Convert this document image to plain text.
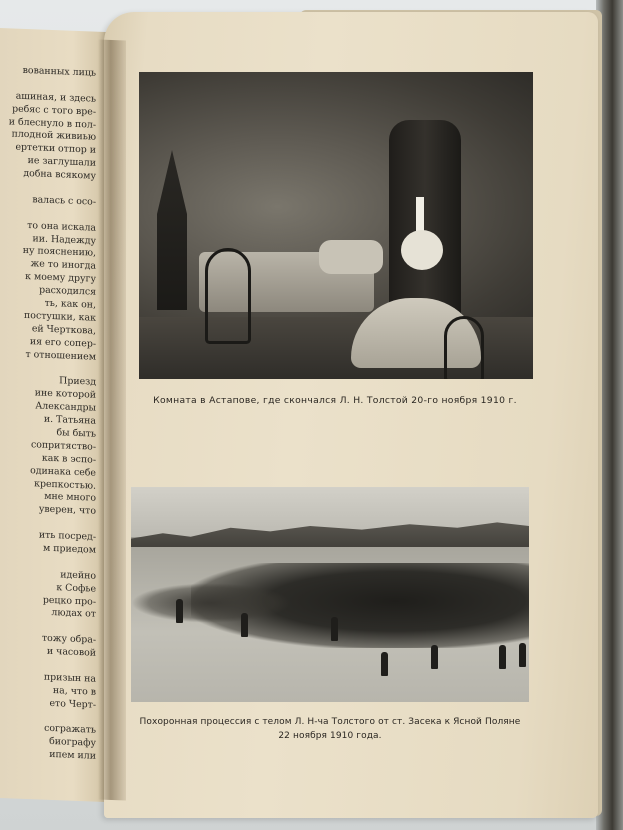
вованных лиць
ашиная, и здесь
ребяс с того вре-
и блеснуло в пол-
плодной живиью
ертетки отпор и
ие заглушали
добна всякому
валась с осо-
то она искала
ии. Надежду
ну пояснению,
же то иногда
к моему другу
расходился
ть, как он,
постушки, как
ей Черткова,
ия его сопер-
т отношением
Приезд
ине которой
Александры
и. Татьяна
бы быть
сопритяство-
как в эспо-
одинака себе
крепкостью.
мне много
уверен, что
ить посред-
м приедом
идейно
к Софье
рецко про-
людах от
тожу обра-
и часовой
призын на
на, что в
ето Черт-
согражать
биографу
ипем или
Комната в Астапове, где скончался Л. Н. Толстой 20-го ноября 1910 г.
Похоронная процессия с телом Л. Н-ча Толстого от ст. Засека к Ясной Поляне
22 ноября 1910 года.
